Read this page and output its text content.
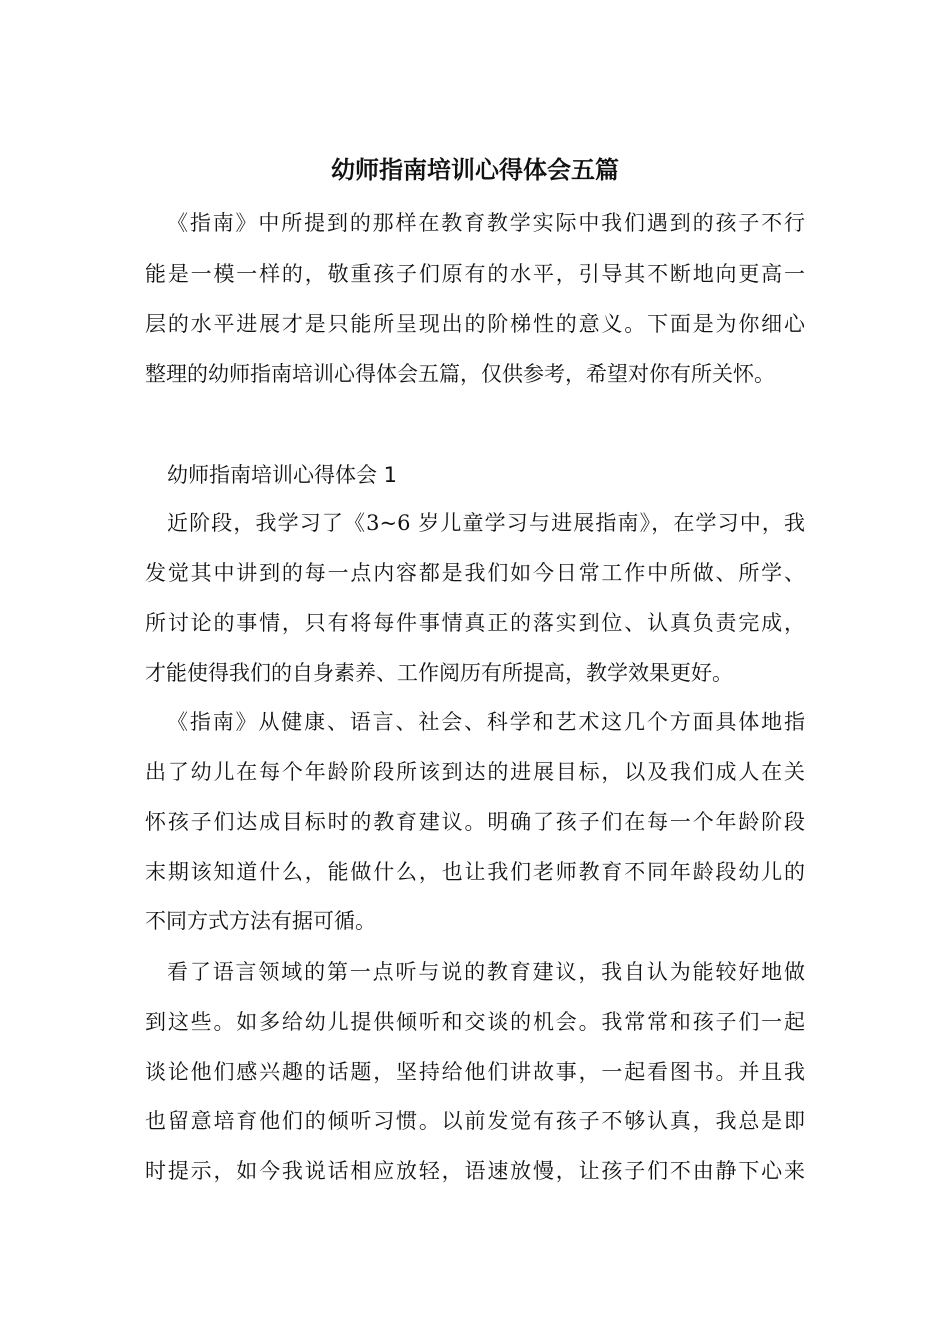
幼师指南培训心得体会五篇

《指南》中所提到的那样在教育教学实际中我们遇到的孩子不行

能是一模一样的，敬重孩子们原有的水平，引导其不断地向更高一

层的水平进展才是只能所呈现出的阶梯性的意义。下面是为你细心

整理的幼师指南培训心得体会五篇，仅供参考，希望对你有所关怀。

幼师指南培训心得体会 1

近阶段，我学习了《3~6 岁儿童学习与进展指南》，在学习中，我

发觉其中讲到的每一点内容都是我们如今日常工作中所做、所学、

所讨论的事情，只有将每件事情真正的落实到位、认真负责完成，

才能使得我们的自身素养、工作阅历有所提高，教学效果更好。

《指南》从健康、语言、社会、科学和艺术这几个方面具体地指

出了幼儿在每个年龄阶段所该到达的进展目标，以及我们成人在关

怀孩子们达成目标时的教育建议。明确了孩子们在每一个年龄阶段

末期该知道什么，能做什么，也让我们老师教育不同年龄段幼儿的

不同方式方法有据可循。

看了语言领域的第一点听与说的教育建议，我自认为能较好地做

到这些。如多给幼儿提供倾听和交谈的机会。我常常和孩子们一起

谈论他们感兴趣的话题，坚持给他们讲故事，一起看图书。并且我

也留意培育他们的倾听习惯。以前发觉有孩子不够认真，我总是即

时提示，如今我说话相应放轻，语速放慢，让孩子们不由静下心来
